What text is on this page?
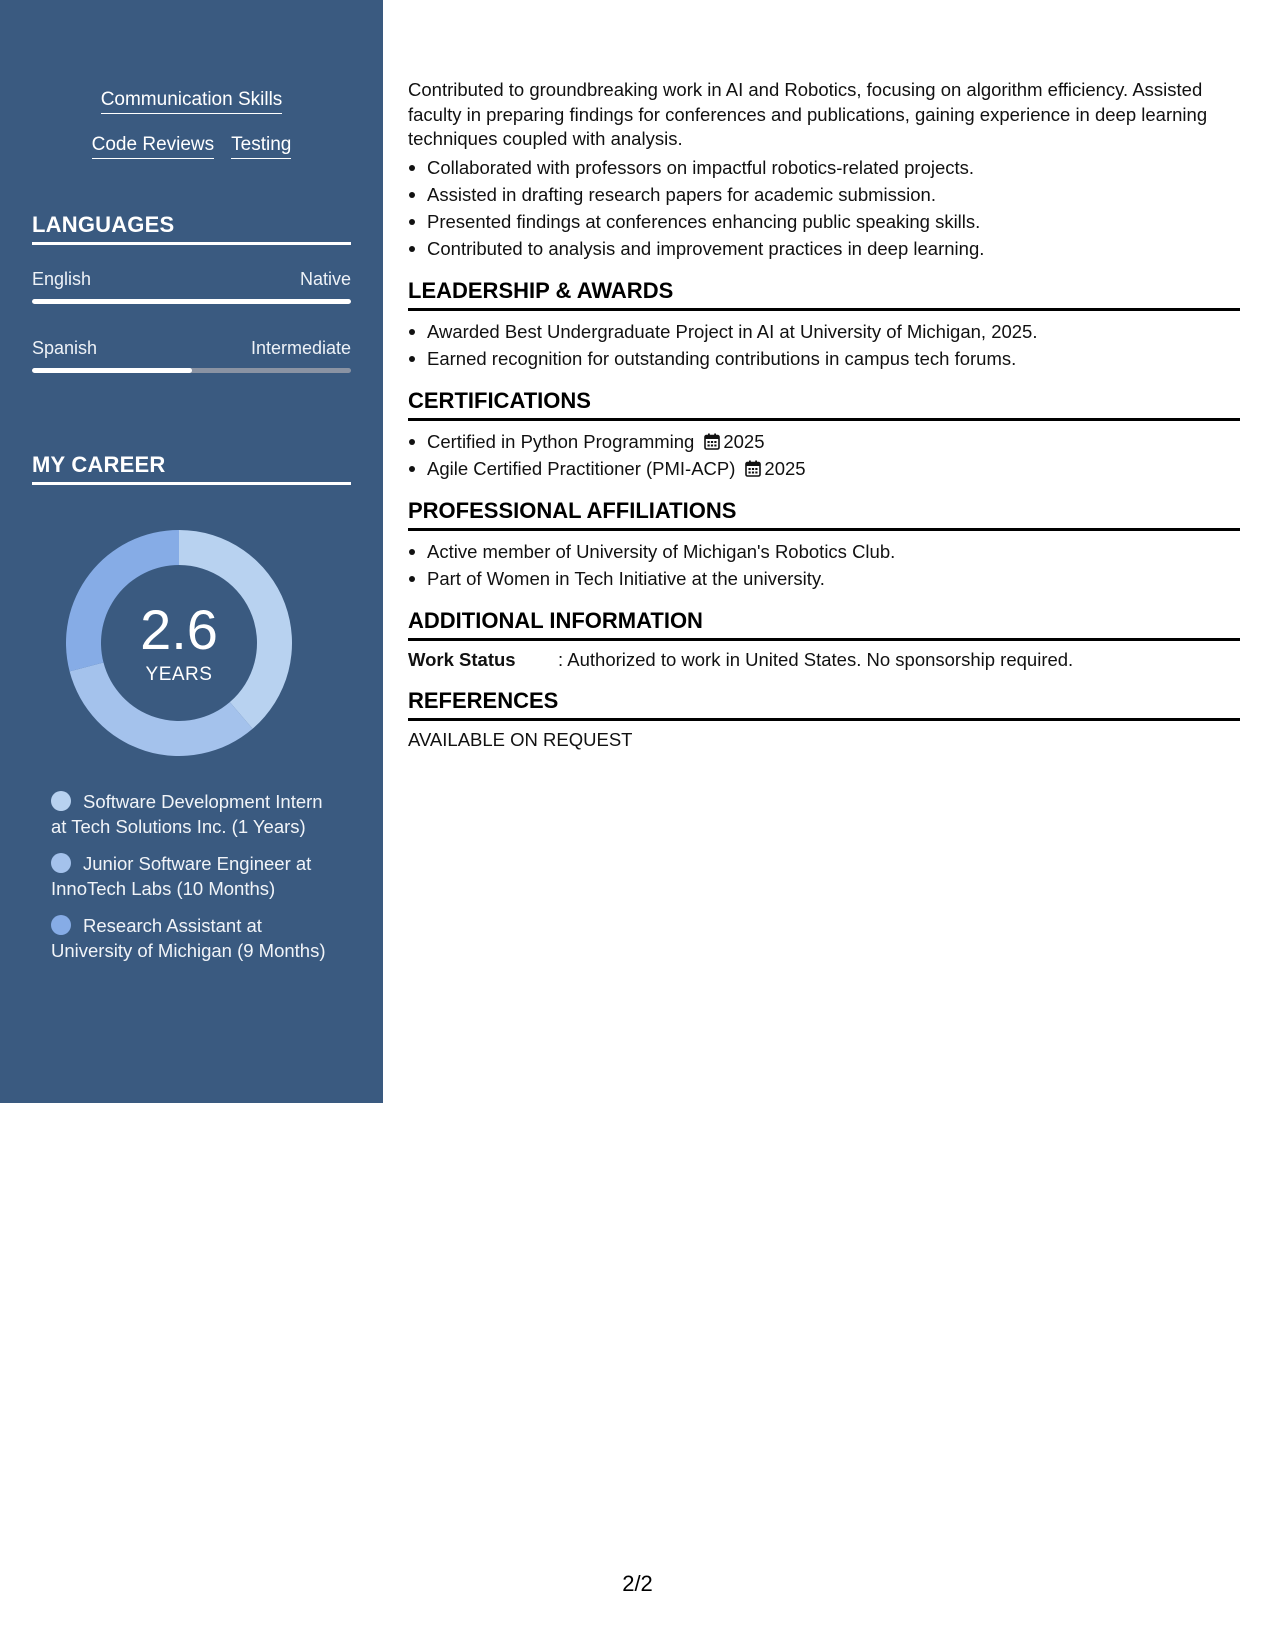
Communication Skills
Code Reviews Testing
LANGUAGES
English	Native
Spanish	Intermediate
MY CAREER
2.6
YEARS
Software Development Intern at Tech Solutions Inc. (1 Years)
Junior Software Engineer at InnoTech Labs (10 Months)
Research Assistant at University of Michigan (9 Months)

Contributed to groundbreaking work in AI and Robotics, focusing on algorithm efficiency. Assisted faculty in preparing findings for conferences and publications, gaining experience in deep learning techniques coupled with analysis.

Collaborated with professors on impactful robotics-related projects.
Assisted in drafting research papers for academic submission.
Presented findings at conferences enhancing public speaking skills.
Contributed to analysis and improvement practices in deep learning.
LEADERSHIP & AWARDS
Awarded Best Undergraduate Project in AI at University of Michigan, 2025.
Earned recognition for outstanding contributions in campus tech forums.
CERTIFICATIONS
Certified in Python Programming 2025
Agile Certified Practitioner (PMI-ACP) 2025
PROFESSIONAL AFFILIATIONS
Active member of University of Michigan's Robotics Club.
Part of Women in Tech Initiative at the university.
ADDITIONAL INFORMATION
Work Status	: Authorized to work in United States. No sponsorship required.
REFERENCES
AVAILABLE ON REQUEST
2/2
